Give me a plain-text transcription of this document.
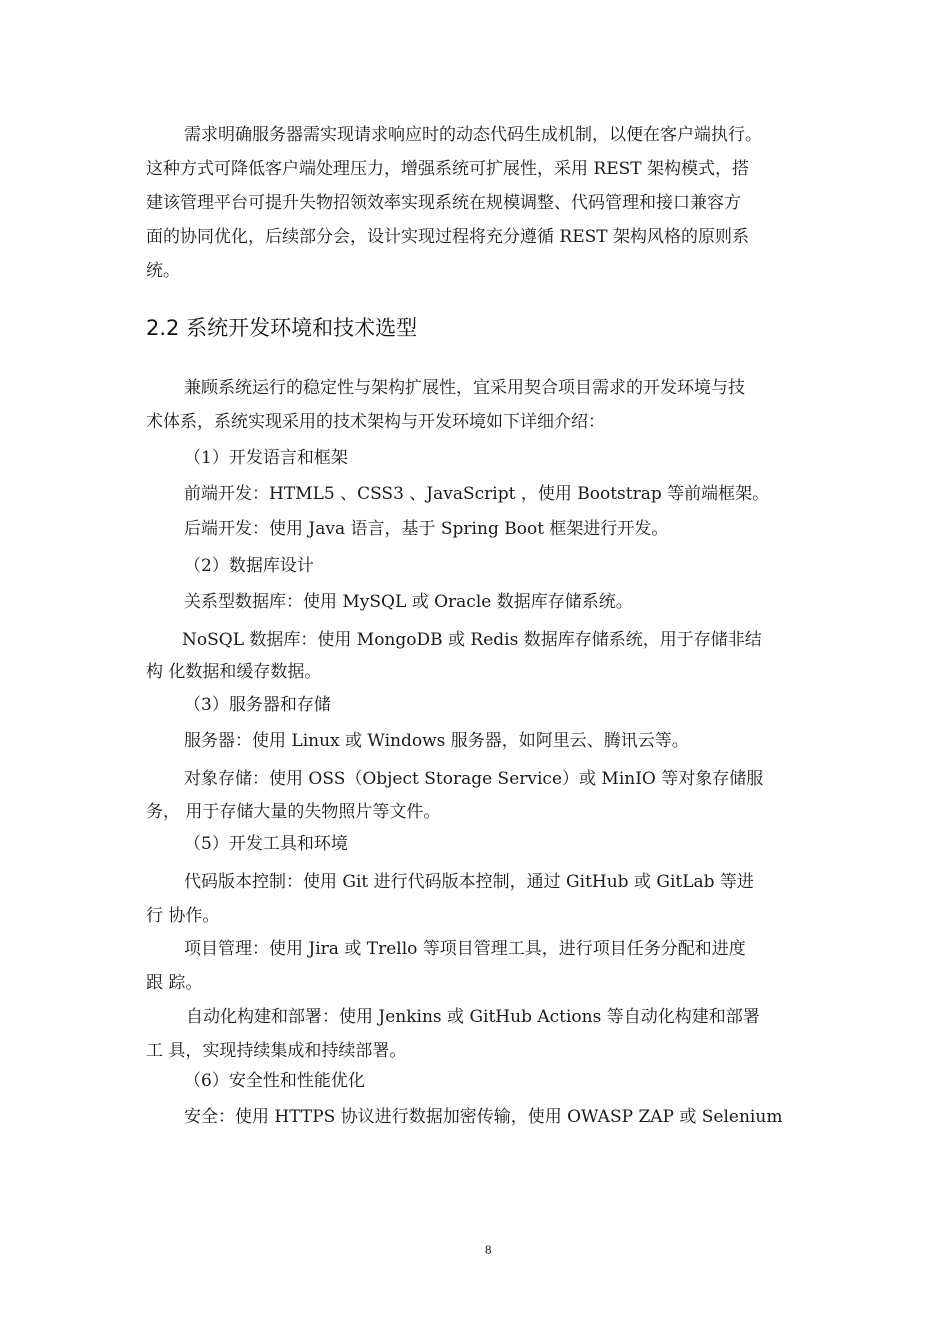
需求明确服务器需实现请求响应时的动态代码生成机制，以便在客户端执行。
这种方式可降低客户端处理压力，增强系统可扩展性，采用 REST 架构模式，搭
建该管理平台可提升失物招领效率实现系统在规模调整、代码管理和接口兼容方
面的协同优化，后续部分会，设计实现过程将充分遵循 REST 架构风格的原则系
统。
2.2 系统开发环境和技术选型
兼顾系统运行的稳定性与架构扩展性，宜采用契合项目需求的开发环境与技
术体系，系统实现采用的技术架构与开发环境如下详细介绍：
（1）开发语言和框架
前端开发：HTML5 、CSS3 、JavaScript ，使用 Bootstrap 等前端框架。
后端开发：使用 Java 语言，基于 Spring Boot 框架进行开发。
（2）数据库设计
关系型数据库：使用 MySQL 或 Oracle 数据库存储系统。
NoSQL 数据库：使用 MongoDB 或 Redis 数据库存储系统，用于存储非结
构 化数据和缓存数据。
（3）服务器和存储
服务器：使用 Linux 或 Windows 服务器，如阿里云、腾讯云等。
对象存储：使用 OSS（Object Storage Service）或 MinIO 等对象存储服
务， 用于存储大量的失物照片等文件。
（5）开发工具和环境
代码版本控制：使用 Git 进行代码版本控制，通过 GitHub 或 GitLab 等进
行 协作。
项目管理：使用 Jira 或 Trello 等项目管理工具，进行项目任务分配和进度
跟 踪。
自动化构建和部署：使用 Jenkins 或 GitHub Actions 等自动化构建和部署
工 具，实现持续集成和持续部署。
（6）安全性和性能优化
安全：使用 HTTPS 协议进行数据加密传输，使用 OWASP ZAP 或 Selenium
8
